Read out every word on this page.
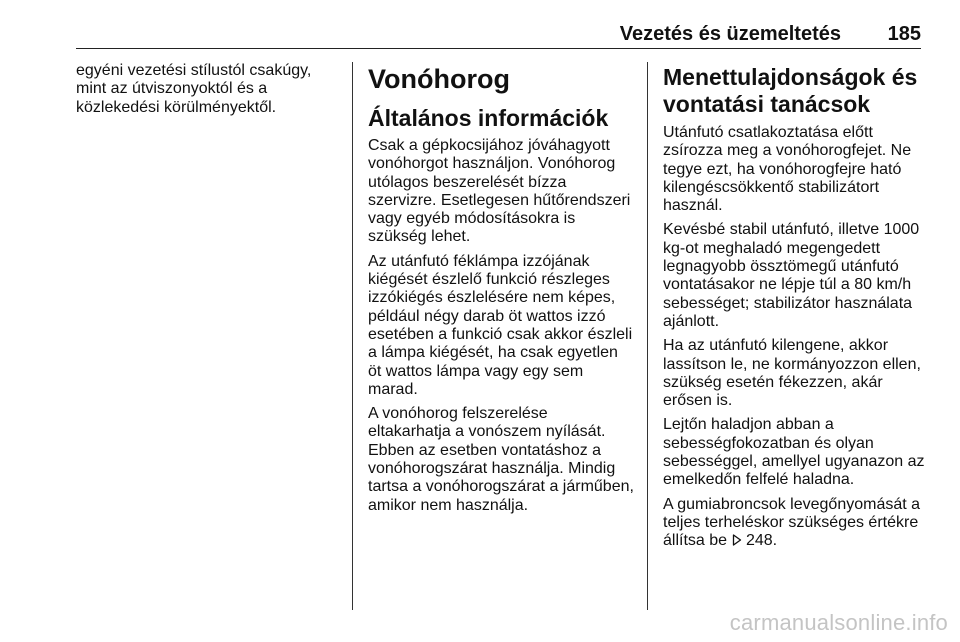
Vezetés és üzemeltetés 185

egyéni vezetési stílustól csakúgy, mint az útviszonyoktól és a közlekedési körülményektől.

Vonóhorog
Általános információk

Csak a gépkocsijához jóváhagyott vonóhorgot használjon. Vonóhorog utólagos beszerelését bízza szervizre. Esetlegesen hűtőrendszeri vagy egyéb módosításokra is szükség lehet.

Az utánfutó féklámpa izzójának kiégését észlelő funkció részleges izzókiégés észlelésére nem képes, például négy darab öt wattos izzó esetében a funkció csak akkor észleli a lámpa kiégését, ha csak egyetlen öt wattos lámpa vagy egy sem marad.

A vonóhorog felszerelése eltakarhatja a vonószem nyílását. Ebben az esetben vontatáshoz a vonóhorogszárat használja. Mindig tartsa a vonóhorogszárat a járműben, amikor nem használja.

Menettulajdonságok és vontatási tanácsok

Utánfutó csatlakoztatása előtt zsírozza meg a vonóhorogfejet. Ne tegye ezt, ha vonóhorogfejre ható kilengéscsökkentő stabilizátort használ.

Kevésbé stabil utánfutó, illetve 1000 kg-ot meghaladó megengedett legnagyobb össztömegű utánfutó vontatásakor ne lépje túl a 80 km/h sebességet; stabilizátor használata ajánlott.

Ha az utánfutó kilengene, akkor lassítson le, ne kormányozzon ellen, szükség esetén fékezzen, akár erősen is.

Lejtőn haladjon abban a sebességfokozatban és olyan sebességgel, amellyel ugyanazon az emelkedőn felfelé haladna.

A gumiabroncsok levegőnyomását a teljes terheléskor szükséges értékre állítsa be 248.

carmanualsonline.info
